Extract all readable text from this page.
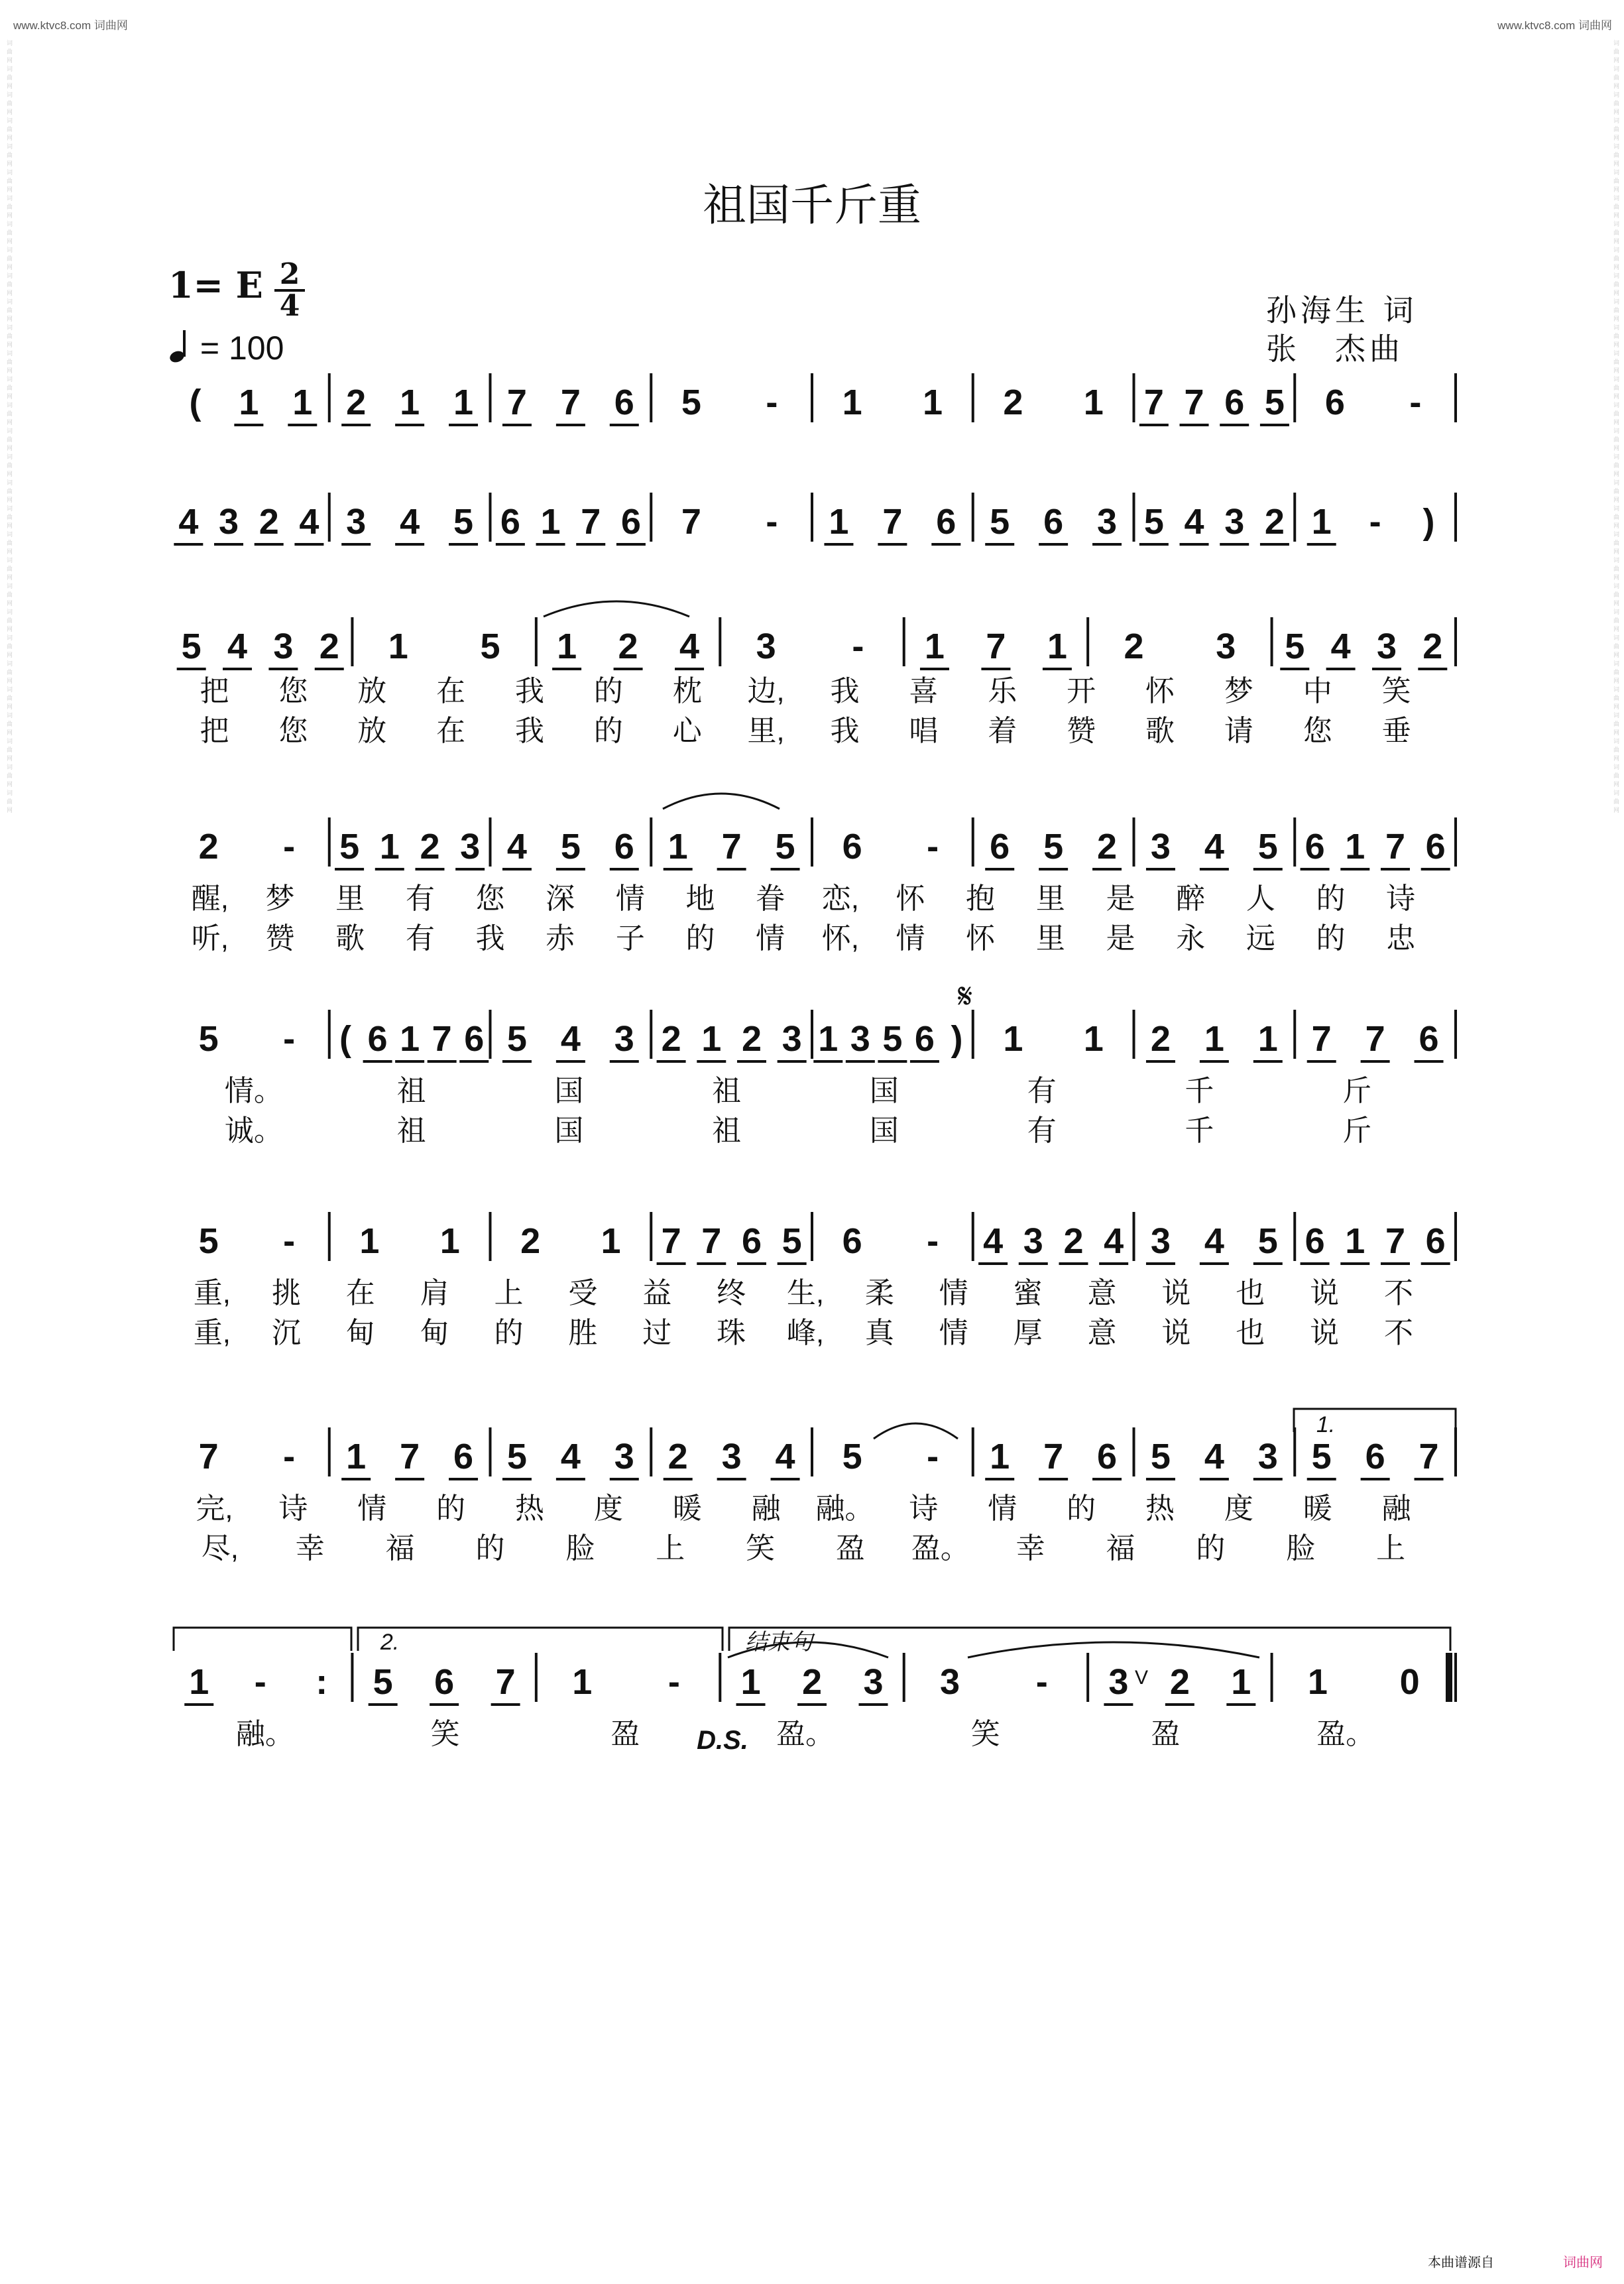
www.ktvc8.com 词曲网	www.ktvc8.com 词曲网
词曲网词曲网词曲网词曲网词曲网词曲网词曲网词曲网词曲网词曲网词曲网词曲网词曲网词曲网词曲网词曲网词曲网词曲网词曲网词曲网词曲网词曲网词曲网词曲网词曲网词曲网词曲网词曲网词曲网词曲网	词曲网词曲网词曲网词曲网词曲网词曲网词曲网词曲网词曲网词曲网词曲网词曲网词曲网词曲网词曲网词曲网词曲网词曲网词曲网词曲网词曲网词曲网词曲网词曲网词曲网词曲网词曲网词曲网词曲网词曲网
祖国千斤重
1= E 2
4
= 100
孙海生 词
张　杰曲
( 1 1 2 1 1 7 7 6 5 - 1 1 2 1 7 7 6 5 6 -
4 3 2 4 3 4 5 6 1 7 6 7 - 1 7 6 5 6 3 5 4 3 2 1 - )
5 4 3 2 1 5 1 2 4 3 - 1 7 1 2 3 5 4 3 2
把 您 放 在 我 的 枕 边, 我 喜 乐 开 怀 梦 中 笑
把 您 放 在 我 的 心 里, 我 唱 着 赞 歌 请 您 垂
2 - 5 1 2 3 4 5 6 1 7 5 6 - 6 5 2 3 4 5 6 1 7 6
醒, 梦 里 有 您 深 情 地 眷 恋, 怀 抱 里 是 醉 人 的 诗
听, 赞 歌 有 我 赤 子 的 情 怀, 情 怀 里 是 永 远 的 忠
5 - ( 6 1 7 6 5 4 3 2 1 2 3 1 3 5 6 ) 1 1 2 1 1 7 7 6
情。	祖	国	祖	国	有	千	斤
诚。	祖	国	祖	国	有	千	斤
5 - 1 1 2 1 7 7 6 5 6 - 4 3 2 4 3 4 5 6 1 7 6
重, 挑 在 肩 上 受 益 终 生, 柔 情 蜜 意 说 也 说 不
重, 沉 甸 甸 的 胜 过 珠 峰, 真 情 厚 意 说 也 说 不
7 - 1 7 6 5 4 3 2 3 4 5 - 1 7 6 5 4 3 5 6 7
完, 诗 情 的 热 度 暖 融 融。 诗 情 的 热 度 暖 融
尽, 幸 福 的 脸 上 笑 盈 盈。 幸 福 的 脸 上
1 - : 5 6 7 1 - 1 2 3 3 - 3 2 1 1 0
融。	笑	盈	盈。	笑	盈	盈。
𝄋
1.
2.	结束句
D.S.
V
本曲谱源自	词曲网
